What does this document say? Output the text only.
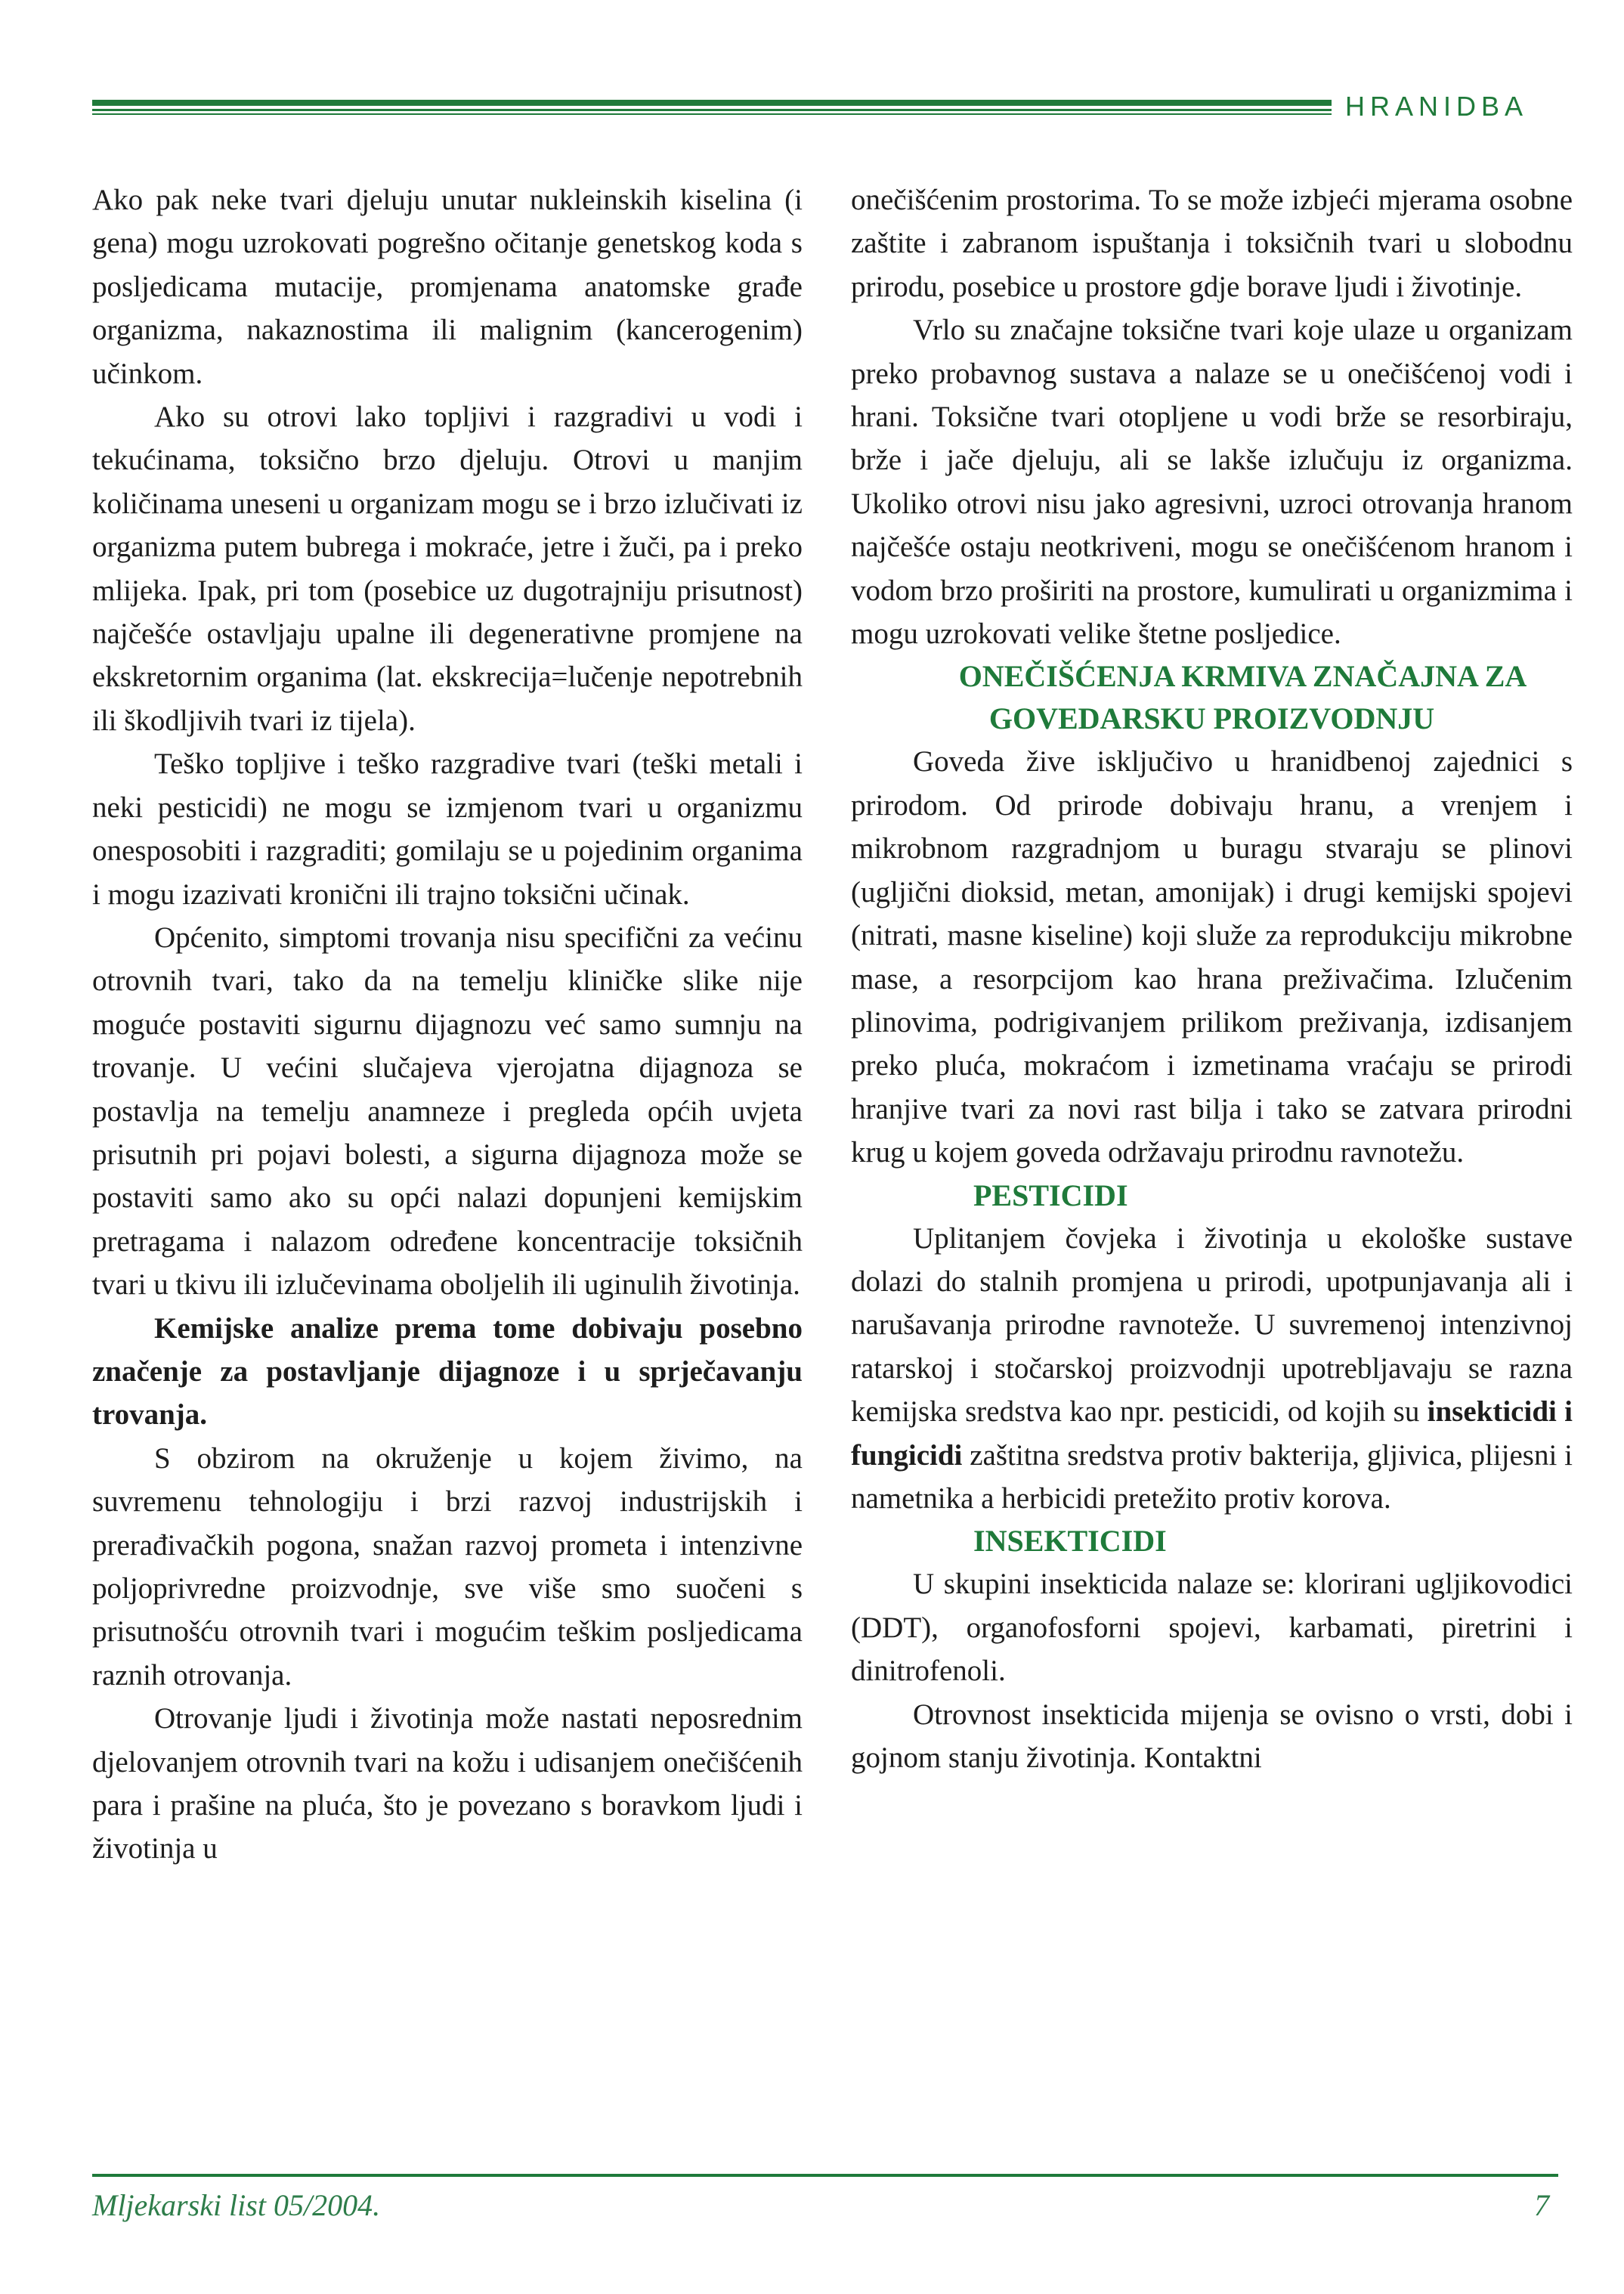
HRANIDBA

Ako pak neke tvari djeluju unutar nukleinskih kiselina (i gena) mogu uzrokovati pogrešno očitanje genetskog koda s posljedicama mutacije, promjenama anatomske građe organizma, nakaznostima ili malignim (kancerogenim) učinkom.

Ako su otrovi lako topljivi i razgradivi u vodi i tekućinama, toksično brzo djeluju. Otrovi u manjim količinama uneseni u organizam mogu se i brzo izlučivati iz organizma putem bubrega i mokraće, jetre i žuči, pa i preko mlijeka. Ipak, pri tom (posebice uz dugotrajniju prisutnost) najčešće ostavljaju upalne ili degenerativne promjene na ekskretornim organima (lat. ekskrecija=lučenje nepotrebnih ili škodljivih tvari iz tijela).

Teško topljive i teško razgradive tvari (teški metali i neki pesticidi) ne mogu se izmjenom tvari u organizmu onesposobiti i razgraditi; gomilaju se u pojedinim organima i mogu izazivati kronični ili trajno toksični učinak.

Općenito, simptomi trovanja nisu specifični za većinu otrovnih tvari, tako da na temelju kliničke slike nije moguće postaviti sigurnu dijagnozu već samo sumnju na trovanje. U većini slučajeva vjerojatna dijagnoza se postavlja na temelju anamneze i pregleda općih uvjeta prisutnih pri pojavi bolesti, a sigurna dijagnoza može se postaviti samo ako su opći nalazi dopunjeni kemijskim pretragama i nalazom određene koncentracije toksičnih tvari u tkivu ili izlučevinama oboljelih ili uginulih životinja.

Kemijske analize prema tome dobivaju posebno značenje za postavljanje dijagnoze i u sprječavanju trovanja.

S obzirom na okruženje u kojem živimo, na suvremenu tehnologiju i brzi razvoj industrijskih i prerađivačkih pogona, snažan razvoj prometa i intenzivne poljoprivredne proizvodnje, sve više smo suočeni s prisutnošću otrovnih tvari i mogućim teškim posljedicama raznih otrovanja.

Otrovanje ljudi i životinja može nastati neposrednim djelovanjem otrovnih tvari na kožu i udisanjem onečišćenih para i prašine na pluća, što je povezano s boravkom ljudi i životinja u

onečišćenim prostorima. To se može izbjeći mjerama osobne zaštite i zabranom ispuštanja i toksičnih tvari u slobodnu prirodu, posebice u prostore gdje borave ljudi i životinje.

Vrlo su značajne toksične tvari koje ulaze u organizam preko probavnog sustava a nalaze se u onečišćenoj vodi i hrani. Toksične tvari otopljene u vodi brže se resorbiraju, brže i jače djeluju, ali se lakše izlučuju iz organizma. Ukoliko otrovi nisu jako agresivni, uzroci otrovanja hranom najčešće ostaju neotkriveni, mogu se onečišćenom hranom i vodom brzo proširiti na prostore, kumulirati u organizmima i mogu uzrokovati velike štetne posljedice.

ONEČIŠĆENJA KRMIVA ZNAČAJNA ZA GOVEDARSKU PROIZVODNJU

Goveda žive isključivo u hranidbenoj zajednici s prirodom. Od prirode dobivaju hranu, a vrenjem i mikrobnom razgradnjom u buragu stvaraju se plinovi (ugljični dioksid, metan, amonijak) i drugi kemijski spojevi (nitrati, masne kiseline) koji služe za reprodukciju mikrobne mase, a resorpcijom kao hrana preživačima. Izlučenim plinovima, podrigivanjem prilikom preživanja, izdisanjem preko pluća, mokraćom i izmetinama vraćaju se prirodi hranjive tvari za novi rast bilja i tako se zatvara prirodni krug u kojem goveda održavaju prirodnu ravnotežu.

PESTICIDI

Uplitanjem čovjeka i životinja u ekološke sustave dolazi do stalnih promjena u prirodi, upotpunjavanja ali i narušavanja prirodne ravnoteže. U suvremenoj intenzivnoj ratarskoj i stočarskoj proizvodnji upotrebljavaju se razna kemijska sredstva kao npr. pesticidi, od kojih su insekticidi i fungicidi zaštitna sredstva protiv bakterija, gljivica, plijesni i nametnika a herbicidi pretežito protiv korova.

INSEKTICIDI

U skupini insekticida nalaze se: klorirani ugljikovodici (DDT), organofosforni spojevi, karbamati, piretrini i dinitrofenoli.

Otrovnost insekticida mijenja se ovisno o vrsti, dobi i gojnom stanju životinja. Kontaktni

Mljekarski list 05/2004.	7
